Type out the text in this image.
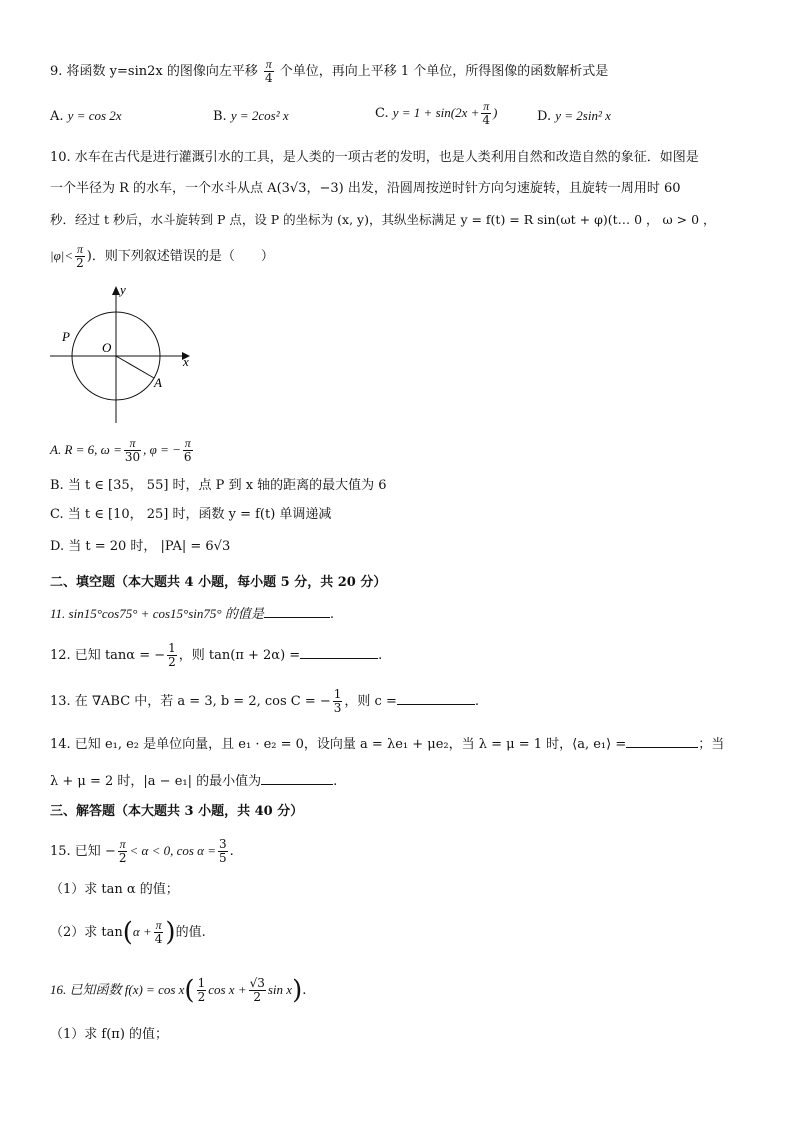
9. 将函数 y=sin2x 的图像向左平移 $\frac{\pi}{4}$ 个单位，再向上平移 1 个单位，所得图像的函数解析式是
A. y = cos 2x	B. y = 2cos² x	C. $y = 1 + \sin(2x + \frac{\pi}{4}$ )	D. y = 2sin² x
10. 水车在古代是进行灌溉引水的工具，是人类的一项古老的发明，也是人类利用自然和改造自然的象征．如图是
一个半径为 R 的水车，一个水斗从点 A(3√3，−3) 出发，沿圆周按逆时针方向匀速旋转，且旋转一周用时 60
秒．经过 t 秒后，水斗旋转到 P 点，设 P 的坐标为 (x, y)，其纵坐标满足 y = f(t) = R sin(ωt + φ)(t… 0 ， ω > 0 ，
$|\varphi|< \frac{\pi}{2}$ )．则下列叙述错误的是（　　）
y
x
O
P
A
A. R = 6, $\omega = \frac{\pi}{30}$ , φ = − $\frac{\pi}{6}$
B. 当 t ∈ [35， 55] 时，点 P 到 x 轴的距离的最大值为 6
C. 当 t ∈ [10， 25] 时，函数 y = f(t) 单调递减
D. 当 t = 20 时， |PA| = 6√3
二、填空题（本大题共 4 小题，每小题 5 分，共 20 分）
11. sin15°cos75° + cos15°sin75° 的值是	.
12. 已知 tanα = − $\frac{1}{2}$ ，则 tan(π + 2α) =	.
13. 在 ∇ABC 中，若 a = 3, b = 2, cos C = − $\frac{1}{3}$ ，则 c =	.
14. 已知 e₁, e₂ 是单位向量，且 e₁ · e₂ = 0，设向量 a = λe₁ + μe₂，当 λ = μ = 1 时，⟨a, e₁⟩ =	；当
λ + μ = 2 时，|a − e₁| 的最小值为	.
三、解答题（本大题共 3 小题，共 40 分）
15. 已知 − $\frac{\pi}{2} < \alpha < 0$, $\cos \alpha = \frac{3}{5}$ .
（1）求 tan α 的值；
（2）求 $\tan(\alpha + \frac{\pi}{4}$ )的值.
16. 已知函数 $f(x) = \cos x( \frac{1}{2}$ $\cos x + \frac{√3}{2}$ sin x).
（1）求 f(π) 的值；
